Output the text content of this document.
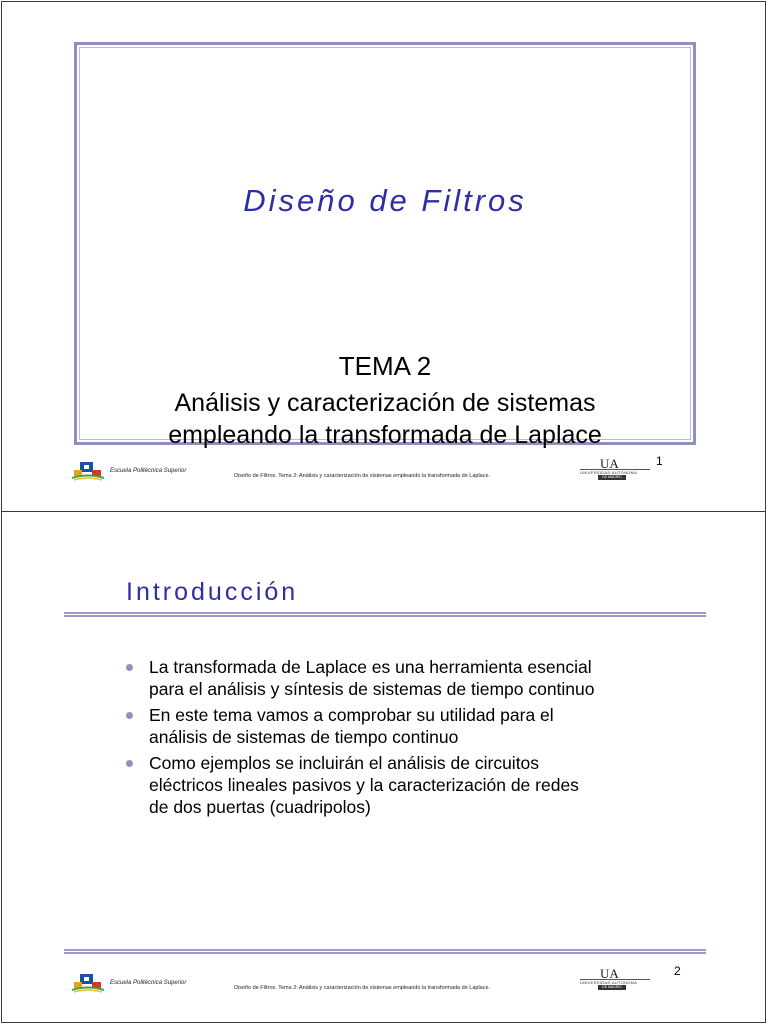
Diseño de Filtros
TEMA 2
Análisis y caracterización de sistemas
empleando la transformada de Laplace
Escuela Politécnica Superior
Diseño de Filtros. Tema 2: Análisis y caracterización de sistemas empleando la transformada de Laplace.
UA
UNIVERSIDAD AUTONOMA
DE MADRID
1
Introducción
La transformada de Laplace es una herramienta esencial
para el análisis y síntesis de sistemas de tiempo continuo
En este tema vamos a comprobar su utilidad para el
análisis de sistemas de tiempo continuo
Como ejemplos se incluirán el análisis de circuitos
eléctricos lineales pasivos y la caracterización de redes
de dos puertas (cuadripolos)
Escuela Politécnica Superior
Diseño de Filtros. Tema 2: Análisis y caracterización de sistemas empleando la transformada de Laplace.
UA
UNIVERSIDAD AUTONOMA
DE MADRID
2
